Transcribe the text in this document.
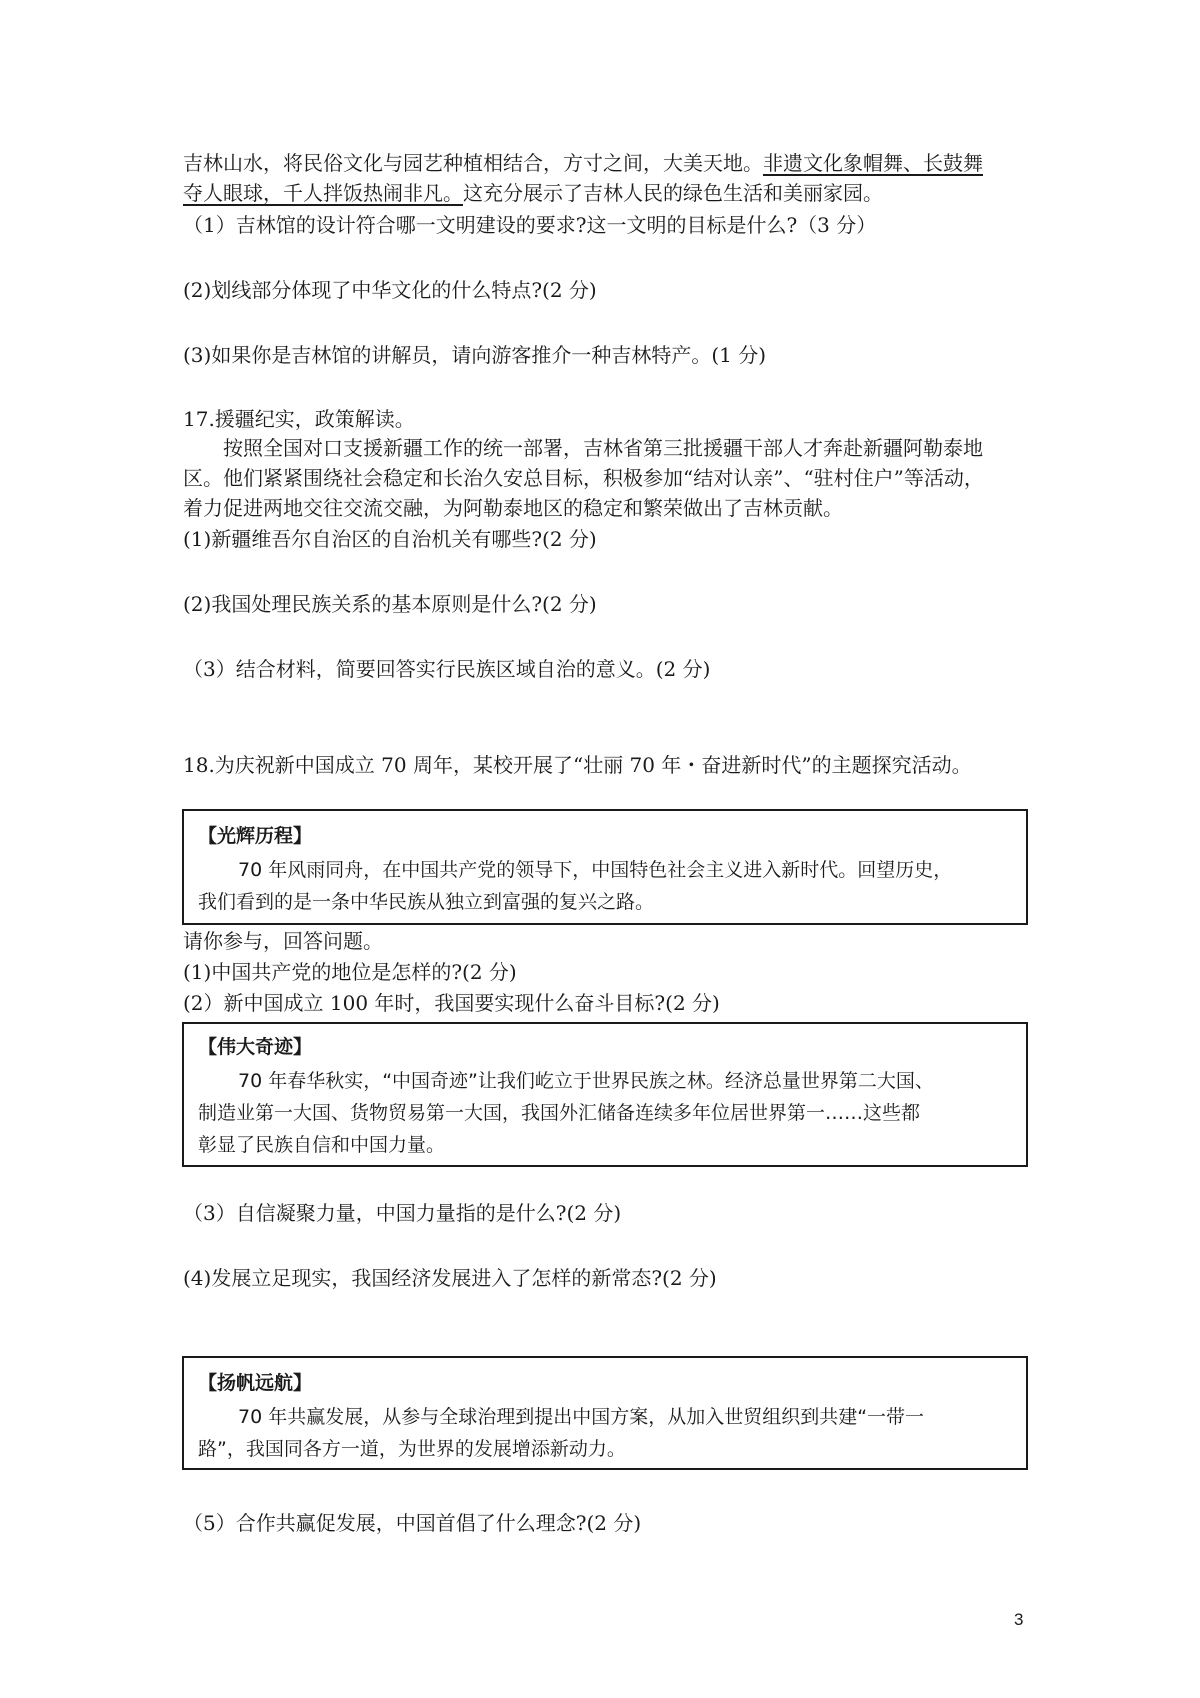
吉林山水，将民俗文化与园艺种植相结合，方寸之间，大美天地。非遗文化象帽舞、长鼓舞
夺人眼球，千人拌饭热闹非凡。这充分展示了吉林人民的绿色生活和美丽家园。
（1）吉林馆的设计符合哪一文明建设的要求?这一文明的目标是什么?（3 分）
(2)划线部分体现了中华文化的什么特点?(2 分)
(3)如果你是吉林馆的讲解员，请向游客推介一种吉林特产。(1 分)
17.援疆纪实，政策解读。
按照全国对口支援新疆工作的统一部署，吉林省第三批援疆干部人才奔赴新疆阿勒泰地
区。他们紧紧围绕社会稳定和长治久安总目标，积极参加“结对认亲”、“驻村住户”等活动，
着力促进两地交往交流交融，为阿勒泰地区的稳定和繁荣做出了吉林贡献。
(1)新疆维吾尔自治区的自治机关有哪些?(2 分)
(2)我国处理民族关系的基本原则是什么?(2 分)
（3）结合材料，简要回答实行民族区域自治的意义。(2 分)
18.为庆祝新中国成立 70 周年，某校开展了“壮丽 70 年・奋进新时代”的主题探究活动。
【光辉历程】
70 年风雨同舟，在中国共产党的领导下，中国特色社会主义进入新时代。回望历史，
我们看到的是一条中华民族从独立到富强的复兴之路。
请你参与，回答问题。
(1)中国共产党的地位是怎样的?(2 分)
(2）新中国成立 100 年时，我国要实现什么奋斗目标?(2 分)
【伟大奇迹】
70 年春华秋实，“中国奇迹”让我们屹立于世界民族之林。经济总量世界第二大国、
制造业第一大国、货物贸易第一大国，我国外汇储备连续多年位居世界第一……这些都
彰显了民族自信和中国力量。
（3）自信凝聚力量，中国力量指的是什么?(2 分)
(4)发展立足现实，我国经济发展进入了怎样的新常态?(2 分)
【扬帆远航】
70 年共赢发展，从参与全球治理到提出中国方案，从加入世贸组织到共建“一带一
路”，我国同各方一道，为世界的发展增添新动力。
（5）合作共赢促发展，中国首倡了什么理念?(2 分)
3
